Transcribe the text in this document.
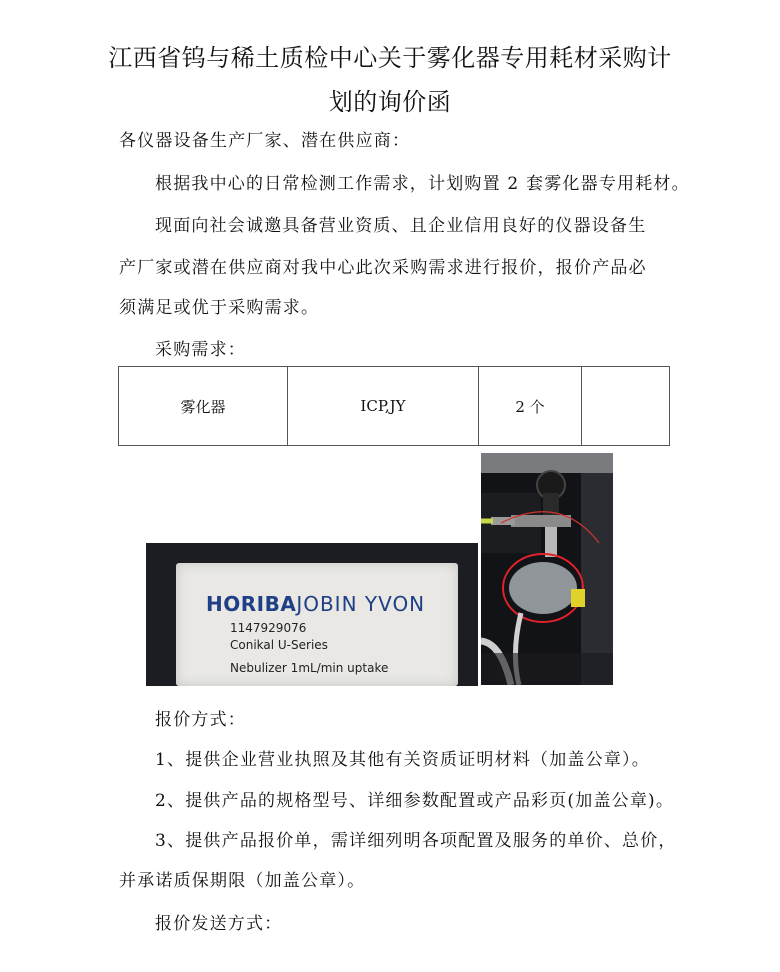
江西省钨与稀土质检中心关于雾化器专用耗材采购计
划的询价函
各仪器设备生产厂家、潜在供应商：
根据我中心的日常检测工作需求，计划购置 2 套雾化器专用耗材。
现面向社会诚邀具备营业资质、且企业信用良好的仪器设备生
产厂家或潜在供应商对我中心此次采购需求进行报价，报价产品必
须满足或优于采购需求。
采购需求：
雾化器	ICP,JY	2 个	
HORIBAJOBIN YVON
1147929076
Conikal U-Series
Nebulizer 1mL/min uptake
报价方式：
1、提供企业营业执照及其他有关资质证明材料（加盖公章）。
2、提供产品的规格型号、详细参数配置或产品彩页(加盖公章)。
3、提供产品报价单，需详细列明各项配置及服务的单价、总价，
并承诺质保期限（加盖公章）。
报价发送方式：
